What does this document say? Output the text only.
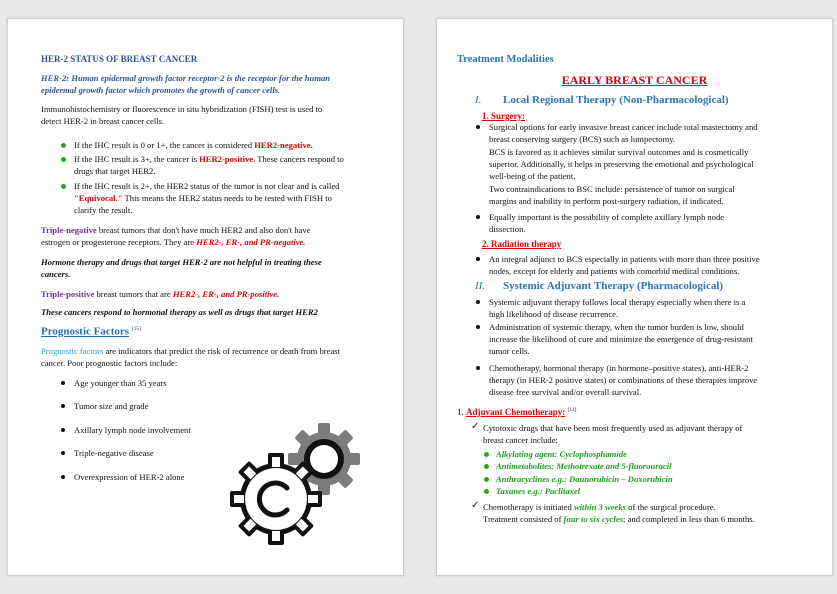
HER-2 STATUS OF BREAST CANCER
HER-2: Human epidermal growth factor receptor-2 is the receptor for the human
epidermal growth factor which promotes the growth of cancer cells.
Immunohistochemistry or fluorescence in situ hybridization (FISH) test is used to
detect HER-2 in breast cancer cells.
If the IHC result is 0 or 1+, the cancer is considered HER2-negative.
If the IHC result is 3+, the cancer is HER2-positive. These cancers respond to
drugs that target HER2.
If the IHC result is 2+, the HER2 status of the tumor is not clear and is called
"Equivocal." This means the HER2 status needs to be tested with FISH to
clarify the result.
Triple-negative breast tumors that don't have much HER2 and also don't have
estrogen or progesterone receptors. They are HER2-, ER-, and PR-negative.
Hormone therapy and drugs that target HER-2 are not helpful in treating these
cancers.
Triple-positive breast tumors that are HER2-, ER-, and PR-positive.
These cancers respond to hormonal therapy as well as drugs that target HER2
Prognostic Factors [15]
Prognostic factors are indicators that predict the risk of recurrence or death from breast
cancer. Poor prognostic factors include:
Age younger than 35 years
Tumor size and grade
Axillary lymph node involvement
Triple-negative disease
Overexpression of HER-2 alone
Treatment Modalities
EARLY BREAST CANCER
I. Local Regional Therapy (Non-Pharmacological)
1. Surgery:
Surgical options for early invasive breast cancer include total mastectomy and
breast conserving surgery (BCS) such as lumpectomy.
BCS is favored as it achieves similar survival outcomes and is cosmetically
superior. Additionally, it helps in preserving the emotional and psychological
well-being of the patient.
Two contraindications to BSC include: persistence of tumor on surgical
margins and inability to perform post-surgery radiation, if indicated.
Equally important is the possibility of complete axillary lymph node
dissection.
2. Radiation therapy
An integral adjunct to BCS especially in patients with more than three positive
nodes, except for elderly and patients with comorbid medical conditions.
II. Systemic Adjuvant Therapy (Pharmacological)
Systemic adjuvant therapy follows local therapy especially when there is a
high likelihood of disease recurrence.
Administration of systemic therapy, when the tumor burden is low, should
increase the likelihood of cure and minimize the emergence of drug-resistant
tumor cells.
Chemotherapy, hormonal therapy (in hormone–positive states), anti-HER-2
therapy (in HER-2 positive states) or combinations of these therapies improve
disease free survival and/or overall survival.
1. Adjuvant Chemotherapy: [11]
✓ Cytotoxic drugs that have been most frequently used as adjuvant therapy of
breast cancer include:
Alkylating agent: Cyclophosphamide
Antimetabolites: Methotrexate and 5-fluorouracil
Anthracyclines e.g.: Daunorubicin – Doxorubicin
Taxanes e.g.: Paclitaxel
✓ Chemotherapy is initiated within 3 weeks of the surgical procedure.
Treatment consisted of four to six cycles; and completed in less than 6 months.
